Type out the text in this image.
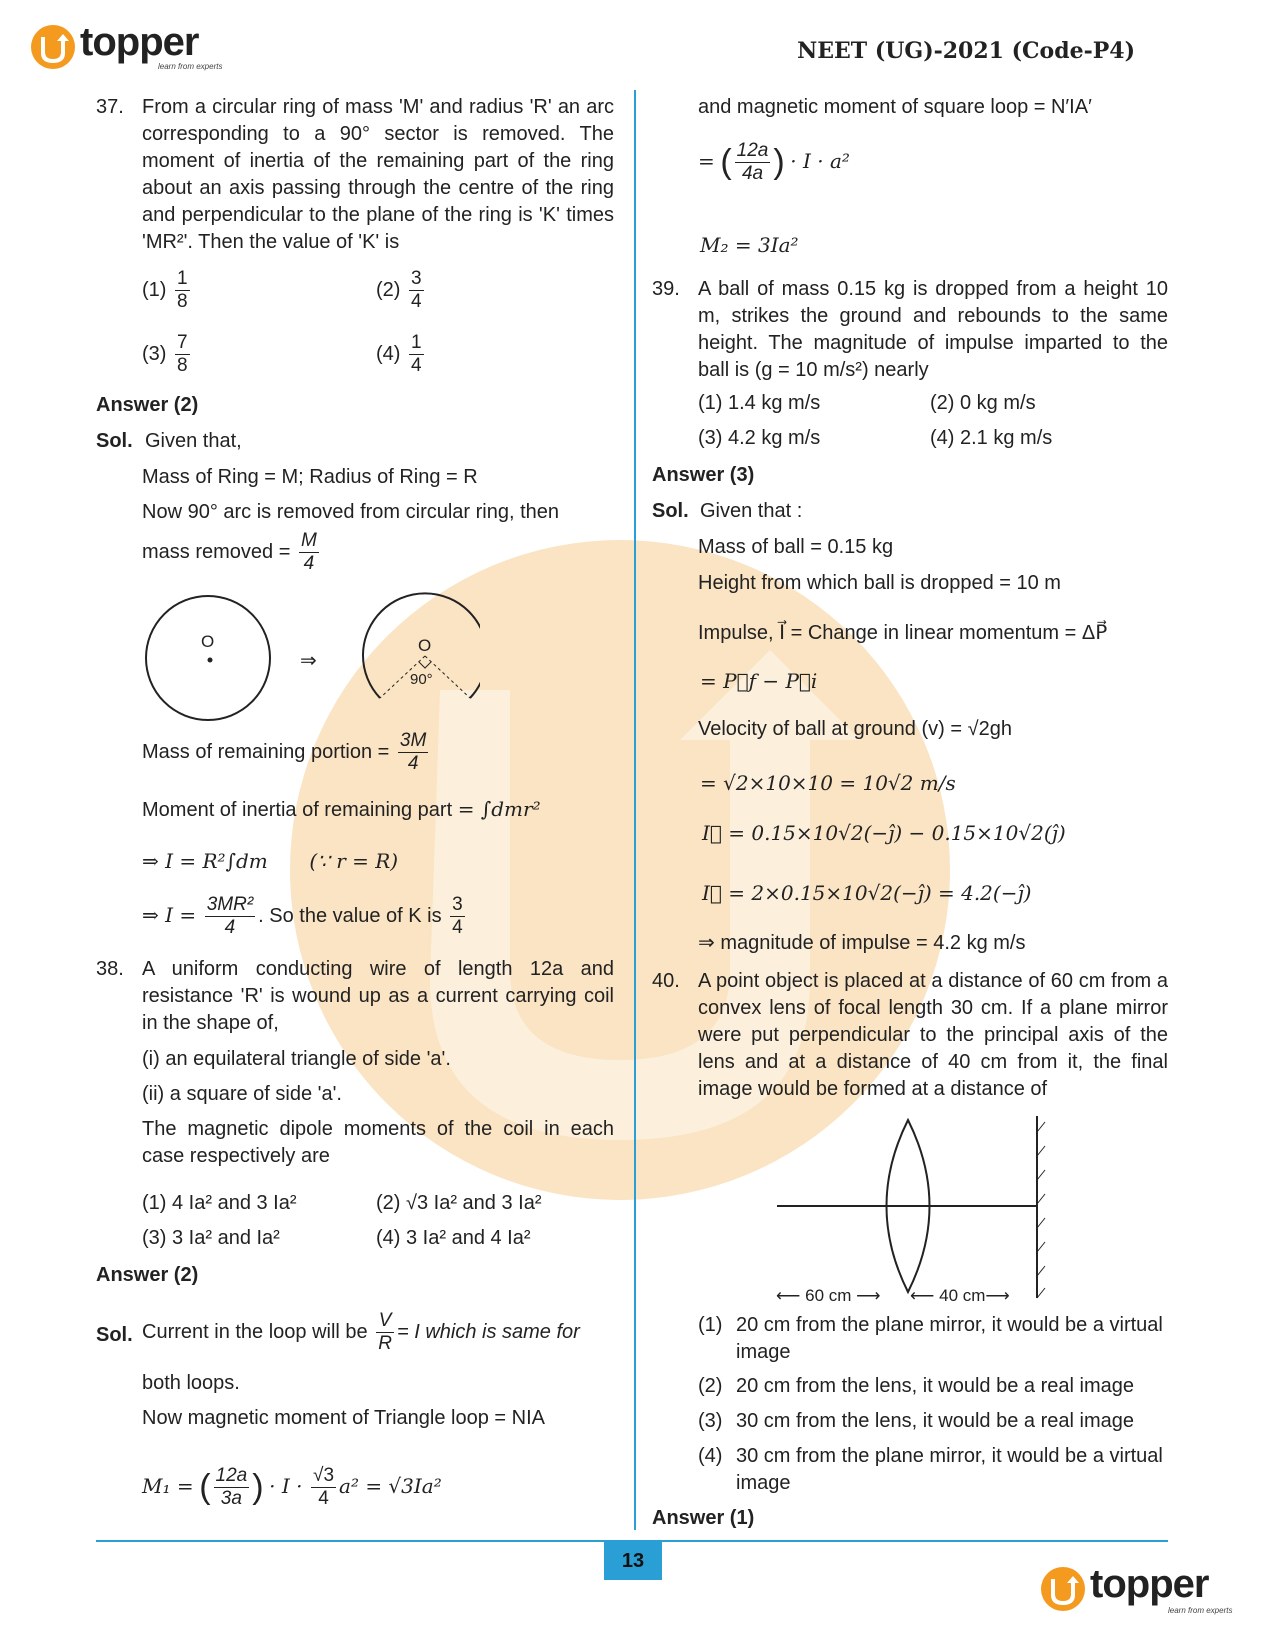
topper
learn from experts
NEET (UG)-2021 (Code-P4)
37. From a circular ring of mass 'M' and radius 'R' an arc corresponding to a 90° sector is removed. The moment of inertia of the remaining part of the ring about an axis passing through the centre of the ring and perpendicular to the plane of the ring is 'K' times 'MR²'. Then the value of 'K' is
$(1) \frac{1}{8}$	$(2) \frac{3}{4}$
$(3) \frac{7}{8}$	$(4) \frac{1}{4}$
Answer (2)
Sol. Given that,
Mass of Ring = M; Radius of Ring = R
Now 90° arc is removed from circular ring, then
mass removed = $\frac{M}{4}$
O
⇒
O
90°
Mass of remaining portion = $\frac{3M}{4}$
Moment of inertia of remaining part = ∫dmr²
⇒ I = R²∫dm (∵ r = R)
⇒ $I = \frac{\text{3MR²}}{4}$ . So the value of K is $\frac{3}{4}$
38. A uniform conducting wire of length 12a and resistance 'R' is wound up as a current carrying coil in the shape of,
(i) an equilateral triangle of side 'a'.
(ii) a square of side 'a'.
The magnetic dipole moments of the coil in each case respectively are
(1) 4 Ia² and 3 Ia²	(2) √3 Ia² and 3 Ia²
(3) 3 Ia² and Ia²	(4) 3 Ia² and 4 Ia²
Answer (2)
Sol. Current in the loop will be $\frac{V}{R} = I$ which is same for
both loops.
Now magnetic moment of Triangle loop = NIA
M₁ = ( $\frac{12a}{3a}$ ) · $I \cdot \frac{√3}{4} a^2 = √3Ia^2$
and magnetic moment of square loop = N′IA′
= ( $\frac{12a}{4a}$ ) · I · a²
M₂ = 3Ia²
39. A ball of mass 0.15 kg is dropped from a height 10 m, strikes the ground and rebounds to the same height. The magnitude of impulse imparted to the ball is (g = 10 m/s²) nearly
(1) 1.4 kg m/s	(2) 0 kg m/s
(3) 4.2 kg m/s	(4) 2.1 kg m/s
Answer (3)
Sol. Given that :
Mass of ball = 0.15 kg
Height from which ball is dropped = 10 m
Impulse, I⃗ = Change in linear momentum = ΔP⃗
= P⃗f − P⃗i
Velocity of ball at ground (v) = √2gh
= √2×10×10 = 10√2 m/s
I⃗ = 0.15×10√2(−ĵ) − 0.15×10√2(ĵ)
I⃗ = 2×0.15×10√2(−ĵ) = 4.2(−ĵ)
⇒ magnitude of impulse = 4.2 kg m/s
40. A point object is placed at a distance of 60 cm from a convex lens of focal length 30 cm. If a plane mirror were put perpendicular to the principal axis of the lens and at a distance of 40 cm from it, the final image would be formed at a distance of
⟵ 60 cm ⟶ ⟵ 40 cm⟶
(1) 20 cm from the plane mirror, it would be a virtual image
(2) 20 cm from the lens, it would be a real image
(3) 30 cm from the lens, it would be a real image
(4) 30 cm from the plane mirror, it would be a virtual image
Answer (1)
13
topper
learn from experts
